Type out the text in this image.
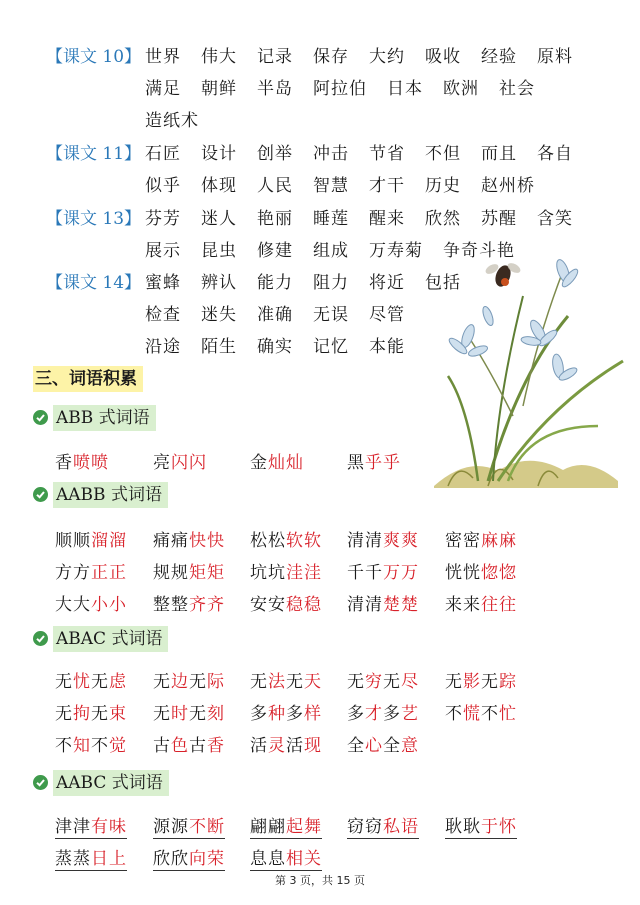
【课文 10】 世界 伟大 记录 保存 大约 吸收 经验 原料
满足 朝鲜 半岛 阿拉伯 日本 欧洲 社会
造纸术
【课文 11】 石匠 设计 创举 冲击 节省 不但 而且 各自
似乎 体现 人民 智慧 才干 历史 赵州桥
【课文 13】 芬芳 迷人 艳丽 睡莲 醒来 欣然 苏醒 含笑
展示 昆虫 修建 组成 万寿菊 争奇斗艳
【课文 14】 蜜蜂 辨认 能力 阻力 将近 包括
检查 迷失 准确 无误 尽管
沿途 陌生 确实 记忆 本能
三、词语积累
ABB 式词语
香喷喷	亮闪闪	金灿灿	黑乎乎
AABB 式词语
顺顺溜溜 痛痛快快 松松软软 清清爽爽 密密麻麻
方方正正 规规矩矩 坑坑洼洼 千千万万 恍恍惚惚
大大小小 整整齐齐 安安稳稳 清清楚楚 来来往往
ABAC 式词语
无忧无虑 无边无际 无法无天 无穷无尽 无影无踪
无拘无束 无时无刻 多种多样 多才多艺 不慌不忙
不知不觉 古色古香 活灵活现 全心全意
AABC 式词语
津津有味 源源不断 翩翩起舞 窃窃私语 耿耿于怀
蒸蒸日上 欣欣向荣 息息相关
第 3 页，共 15 页
